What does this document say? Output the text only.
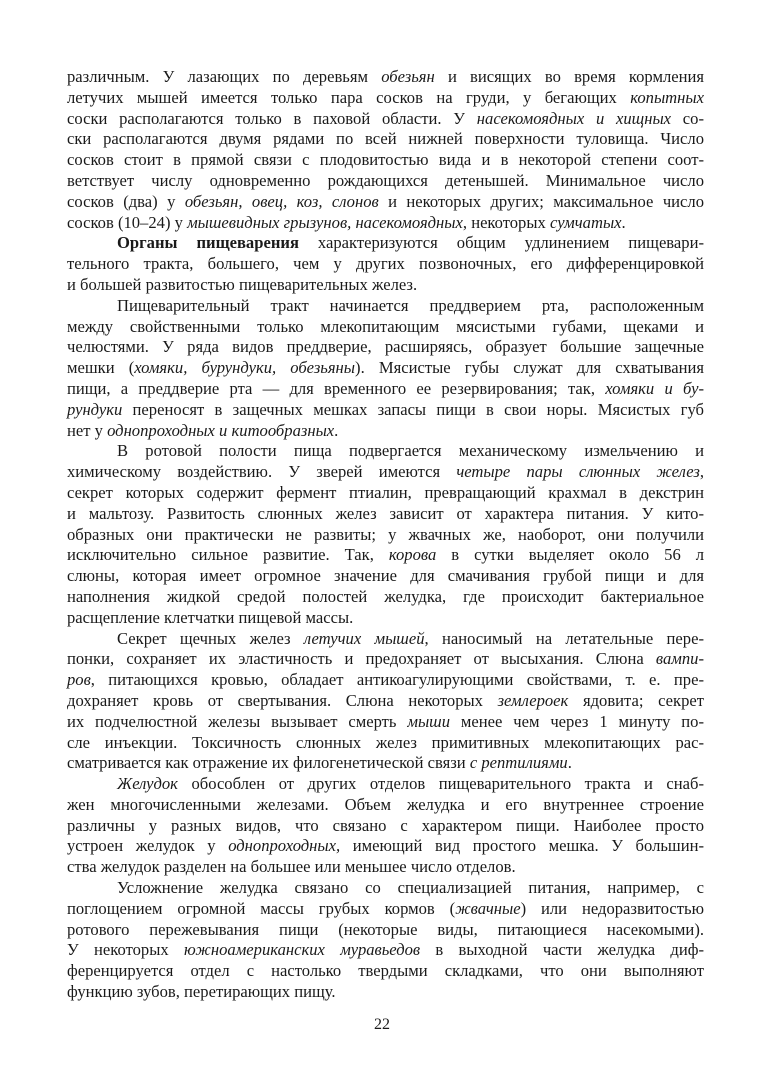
различным. У лазающих по деревьям обезьян и висящих во время кормления
летучих мышей имеется только пара сосков на груди, у бегающих копытных
соски располагаются только в паховой области. У насекомоядных и хищных со-
ски располагаются двумя рядами по всей нижней поверхности туловища. Число
сосков стоит в прямой связи с плодовитостью вида и в некоторой степени соот-
ветствует числу одновременно рождающихся детенышей. Минимальное число
сосков (два) у обезьян, овец, коз, слонов и некоторых других; максимальное число
сосков (10–24) у мышевидных грызунов, насекомоядных, некоторых сумчатых.
Органы пищеварения характеризуются общим удлинением пищевари-
тельного тракта, большего, чем у других позвоночных, его дифференцировкой
и большей развитостью пищеварительных желез.
Пищеварительный тракт начинается преддверием рта, расположенным
между свойственными только млекопитающим мясистыми губами, щеками и
челюстями. У ряда видов преддверие, расширяясь, образует большие защечные
мешки (хомяки, бурундуки, обезьяны). Мясистые губы служат для схватывания
пищи, а преддверие рта — для временного ее резервирования; так, хомяки и бу-
рундуки переносят в защечных мешках запасы пищи в свои норы. Мясистых губ
нет у однопроходных и китообразных.
В ротовой полости пища подвергается механическому измельчению и
химическому воздействию. У зверей имеются четыре пары слюнных желез,
секрет которых содержит фермент птиалин, превращающий крахмал в декстрин
и мальтозу. Развитость слюнных желез зависит от характера питания. У кито-
образных они практически не развиты; у жвачных же, наоборот, они получили
исключительно сильное развитие. Так, корова в сутки выделяет около 56 л
слюны, которая имеет огромное значение для смачивания грубой пищи и для
наполнения жидкой средой полостей желудка, где происходит бактериальное
расщепление клетчатки пищевой массы.
Секрет щечных желез летучих мышей, наносимый на летательные пере-
понки, сохраняет их эластичность и предохраняет от высыхания. Слюна вампи-
ров, питающихся кровью, обладает антикоагулирующими свойствами, т. е. пре-
дохраняет кровь от свертывания. Слюна некоторых землероек ядовита; секрет
их подчелюстной железы вызывает смерть мыши менее чем через 1 минуту по-
сле инъекции. Токсичность слюнных желез примитивных млекопитающих рас-
сматривается как отражение их филогенетической связи с рептилиями.
Желудок обособлен от других отделов пищеварительного тракта и снаб-
жен многочисленными железами. Объем желудка и его внутреннее строение
различны у разных видов, что связано с характером пищи. Наиболее просто
устроен желудок у однопроходных, имеющий вид простого мешка. У большин-
ства желудок разделен на большее или меньшее число отделов.
Усложнение желудка связано со специализацией питания, например, с
поглощением огромной массы грубых кормов (жвачные) или недоразвитостью
ротового пережевывания пищи (некоторые виды, питающиеся насекомыми).
У некоторых южноамериканских муравьедов в выходной части желудка диф-
ференцируется отдел с настолько твердыми складками, что они выполняют
функцию зубов, перетирающих пищу.
22
